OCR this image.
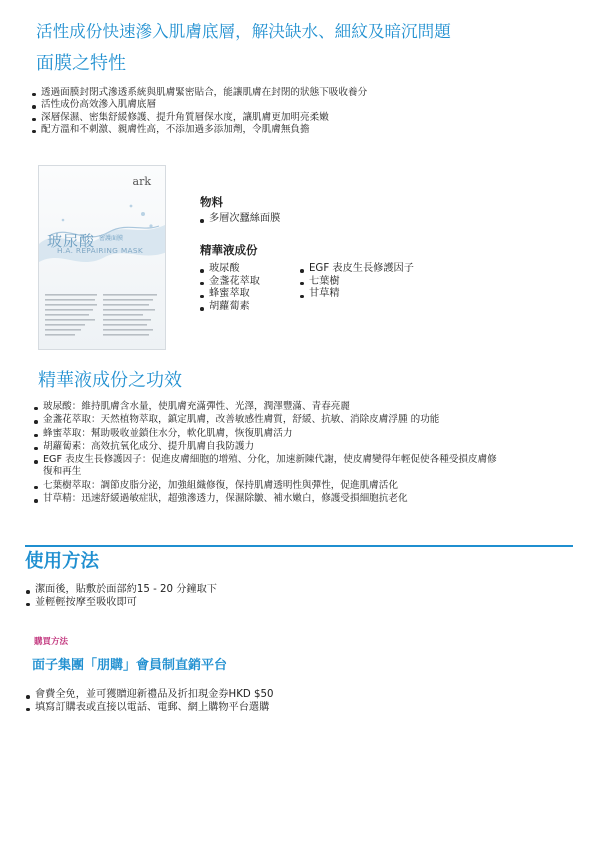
活性成份快速滲入肌膚底層，解決缺水、細紋及暗沉問題
面膜之特性
透過面膜封閉式滲透系統與肌膚緊密貼合，能讓肌膚在封閉的狀態下吸收養分
活性成份高效滲入肌膚底層
深層保濕、密集舒緩修護、提升角質層保水度，讓肌膚更加明亮柔嫩
配方溫和不刺激、親膚性高，不添加過多添加劑，令肌膚無負擔
ark
玻尿酸 密護面膜
H.A. REPAIRING MASK
物料
多層次蠶絲面膜
精華液成份
玻尿酸
金盞花萃取
蜂蜜萃取
胡蘿蔔素
EGF 表皮生長修護因子
七葉樹
甘草精
精華液成份之功效
玻尿酸：維持肌膚含水量，使肌膚充滿彈性、光澤，潤澤豐滿、青春亮麗
金盞花萃取：天然植物萃取，鎮定肌膚，改善敏感性膚質，舒緩、抗敏、消除皮膚浮腫 的功能
蜂蜜萃取：幫助吸收並鎖住水分，軟化肌膚，恢復肌膚活力
胡蘿蔔素：高效抗氧化成分、提升肌膚自我防護力
EGF 表皮生長修護因子：促進皮膚細胞的增殖、分化，加速新陳代謝，使皮膚變得年輕促使各種受損皮膚修復和再生
七葉樹萃取：調節皮脂分泌，加強組織修復，保持肌膚透明性與彈性，促進肌膚活化
甘草精：迅速舒緩過敏症狀，超強滲透力，保濕除皺、補水嫩白，修護受損細胞抗老化
使用方法
潔面後，貼敷於面部約15 - 20 分鐘取下
並輕輕按摩至吸收即可
購買方法
面子集團「朋購」會員制直銷平台
會費全免，並可獲贈迎新禮品及折扣現金券HKD $50
填寫訂購表或直接以電話、電郵、網上購物平台選購
